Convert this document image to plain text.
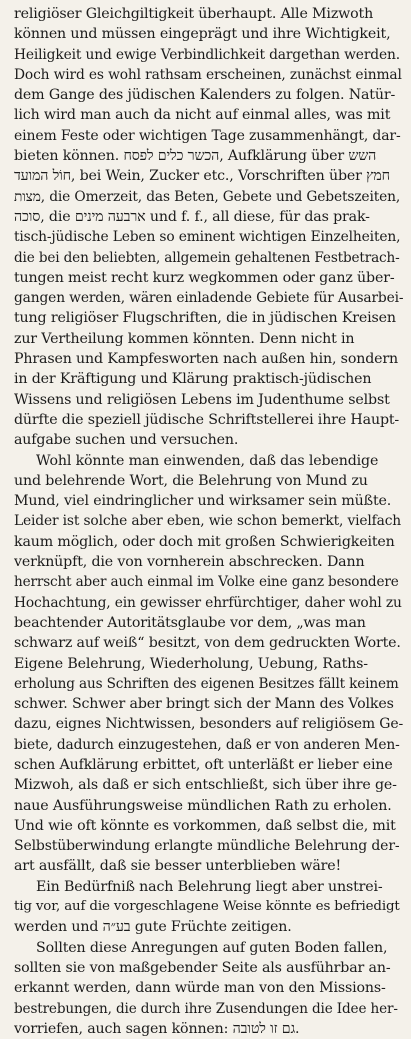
religiöser Gleichgiltigkeit überhaupt. Alle Mizwoth
können und müssen eingeprägt und ihre Wichtigkeit,
Heiligkeit und ewige Verbindlichkeit dargethan werden.
Doch wird es wohl rathsam erscheinen, zunächst einmal
dem Gange des jüdischen Kalenders zu folgen. Natür-
lich wird man auch da nicht auf einmal alles, was mit
einem Feste oder wichtigen Tage zusammenhängt, dar-
bieten können. הכשר כלים לפסח, Aufklärung über השש
חוֹל המועד, bei Wein, Zucker etc., Vorschriften über חמץ
מצות, die Omerzeit, das Beten, Gebete und Gebetszeiten,
סוכה, die ארבעה מינים und f. f., all diese, für das prak-
tisch-jüdische Leben so eminent wichtigen Einzelheiten,
die bei den beliebten, allgemein gehaltenen Festbetrach-
tungen meist recht kurz wegkommen oder ganz über-
gangen werden, wären einladende Gebiete für Ausarbei-
tung religiöser Flugschriften, die in jüdischen Kreisen
zur Vertheilung kommen könnten. Denn nicht in
Phrasen und Kampfesworten nach außen hin, sondern
in der Kräftigung und Klärung praktisch-jüdischen
Wissens und religiösen Lebens im Judenthume selbst
dürfte die speziell jüdische Schriftstellerei ihre Haupt-
aufgabe suchen und versuchen.
Wohl könnte man einwenden, daß das lebendige
und belehrende Wort, die Belehrung von Mund zu
Mund, viel eindringlicher und wirksamer sein müßte.
Leider ist solche aber eben, wie schon bemerkt, vielfach
kaum möglich, oder doch mit großen Schwierigkeiten
verknüpft, die von vornherein abschrecken. Dann
herrscht aber auch einmal im Volke eine ganz besondere
Hochachtung, ein gewisser ehrfürchtiger, daher wohl zu
beachtender Autoritätsglaube vor dem, „was man
schwarz auf weiß“ besitzt, von dem gedruckten Worte.
Eigene Belehrung, Wiederholung, Uebung, Raths-
erholung aus Schriften des eigenen Besitzes fällt keinem
schwer. Schwer aber bringt sich der Mann des Volkes
dazu, eignes Nichtwissen, besonders auf religiösem Ge-
biete, dadurch einzugestehen, daß er von anderen Men-
schen Aufklärung erbittet, oft unterläßt er lieber eine
Mizwoh, als daß er sich entschließt, sich über ihre ge-
naue Ausführungsweise mündlichen Rath zu erholen.
Und wie oft könnte es vorkommen, daß selbst die, mit
Selbstüberwindung erlangte mündliche Belehrung der-
art ausfällt, daß sie besser unterblieben wäre!
Ein Bedürfniß nach Belehrung liegt aber unstrei-
tig vor, auf die vorgeschlagene Weise könnte es befriedigt
werden und בע״ה gute Früchte zeitigen.
Sollten diese Anregungen auf guten Boden fallen,
sollten sie von maßgebender Seite als ausführbar an-
erkannt werden, dann würde man von den Missions-
bestrebungen, die durch ihre Zusendungen die Idee her-
vorriefen, auch sagen können: גם זו לטובה.
